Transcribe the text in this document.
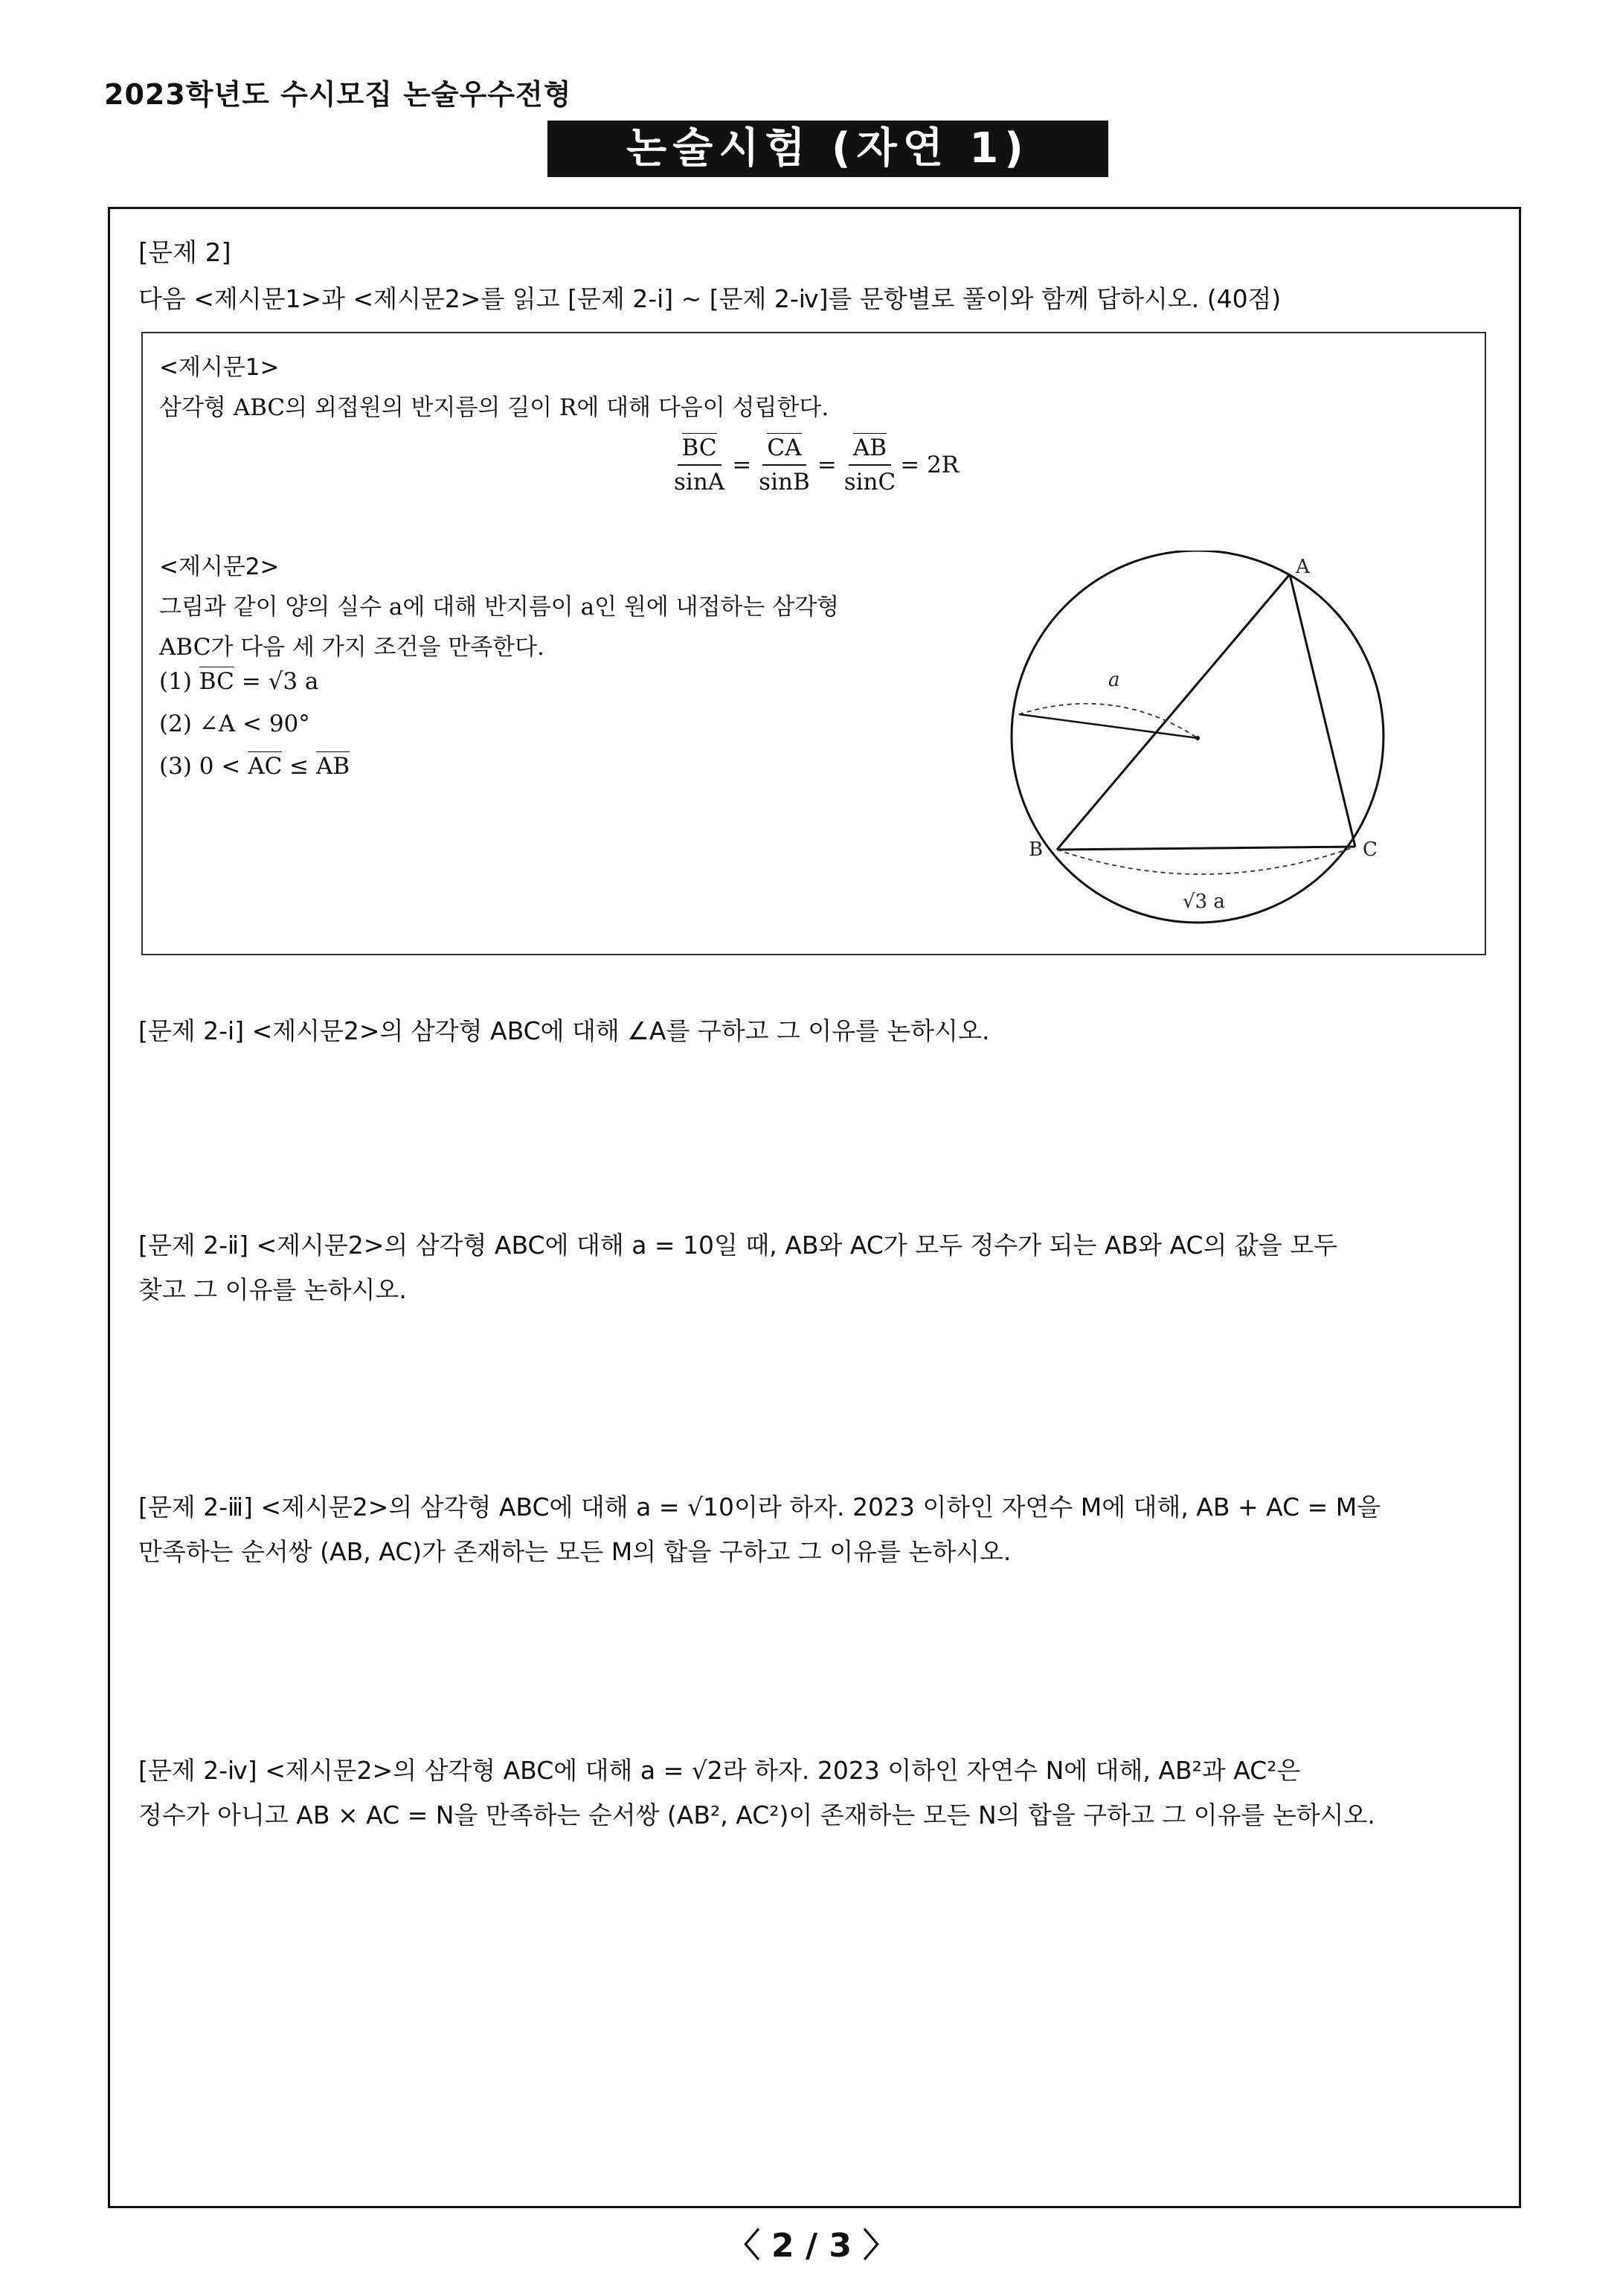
2023학년도 수시모집 논술우수전형
논술시험 (자연 1)
[문제 2]
다음 <제시문1>과 <제시문2>를 읽고 [문제 2-ⅰ] ~ [문제 2-ⅳ]를 문항별로 풀이와 함께 답하시오. (40점)
<제시문1>
삼각형 ABC의 외접원의 반지름의 길이 R에 대해 다음이 성립한다.
$\frac{BC}{\sin A} = \frac{CA}{\sin B} = \frac{AB}{\sin C} = 2R$
<제시문2>
그림과 같이 양의 실수 a에 대해 반지름이 a인 원에 내접하는 삼각형
ABC가 다음 세 가지 조건을 만족한다.
(1) BC = √3 a
(2) ∠A < 90°
(3) 0 < AC ≤ AB
A
B	C
a
√3 a
[문제 2-ⅰ] <제시문2>의 삼각형 ABC에 대해 ∠A를 구하고 그 이유를 논하시오.
[문제 2-ⅱ] <제시문2>의 삼각형 ABC에 대해 a = 10일 때, AB와 AC가 모두 정수가 되는 AB와 AC의 값을 모두
찾고 그 이유를 논하시오.
[문제 2-ⅲ] <제시문2>의 삼각형 ABC에 대해 a = √10이라 하자. 2023 이하인 자연수 M에 대해, AB + AC = M을
만족하는 순서쌍 (AB, AC)가 존재하는 모든 M의 합을 구하고 그 이유를 논하시오.
[문제 2-ⅳ] <제시문2>의 삼각형 ABC에 대해 a = √2라 하자. 2023 이하인 자연수 N에 대해, AB²과 AC²은
정수가 아니고 AB × AC = N을 만족하는 순서쌍 (AB², AC²)이 존재하는 모든 N의 합을 구하고 그 이유를 논하시오.
〈 2 / 3 〉
